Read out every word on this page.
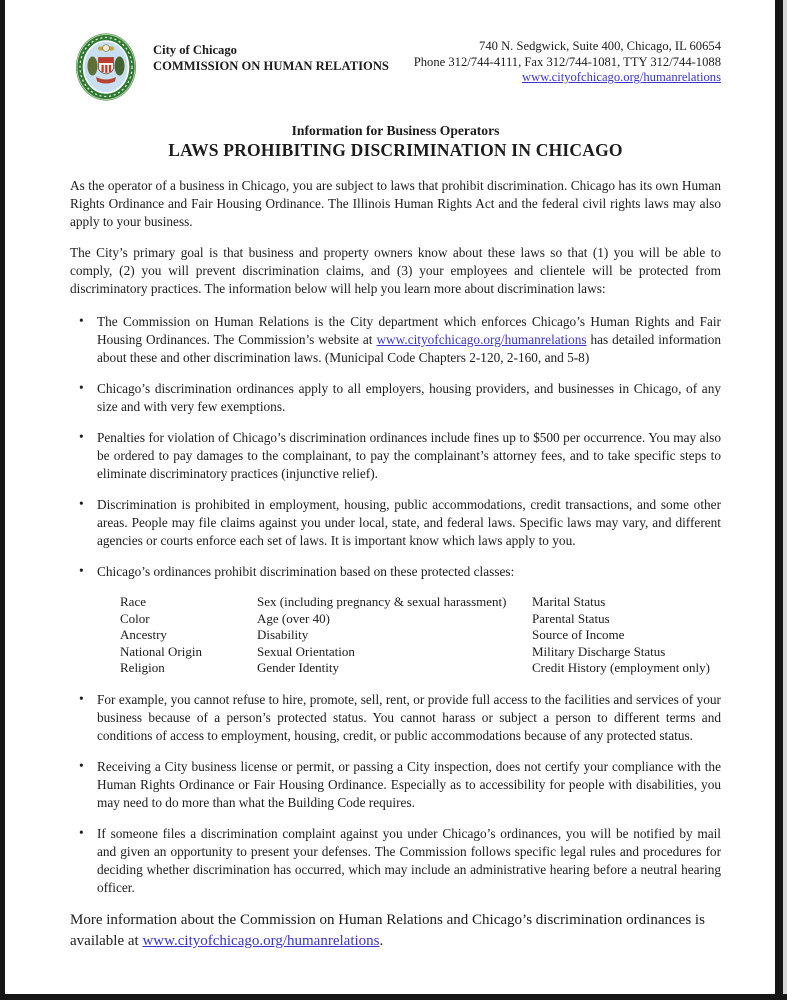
City of Chicago
COMMISSION ON HUMAN RELATIONS
740 N. Sedgwick, Suite 400, Chicago, IL 60654
Phone 312/744-4111, Fax 312/744-1081, TTY 312/744-1088
www.cityofchicago.org/humanrelations
Information for Business Operators
LAWS PROHIBITING DISCRIMINATION IN CHICAGO

As the operator of a business in Chicago, you are subject to laws that prohibit discrimination. Chicago has its own Human Rights Ordinance and Fair Housing Ordinance. The Illinois Human Rights Act and the federal civil rights laws may also apply to your business.

The City’s primary goal is that business and property owners know about these laws so that (1) you will be able to comply, (2) you will prevent discrimination claims, and (3) your employees and clientele will be protected from discriminatory practices. The information below will help you learn more about discrimination laws:

• The Commission on Human Relations is the City department which enforces Chicago’s Human Rights and Fair Housing Ordinances. The Commission’s website at www.cityofchicago.org/humanrelations has detailed information about these and other discrimination laws. (Municipal Code Chapters 2-120, 2-160, and 5-8)
• Chicago’s discrimination ordinances apply to all employers, housing providers, and businesses in Chicago, of any size and with very few exemptions.
• Penalties for violation of Chicago’s discrimination ordinances include fines up to $500 per occurrence. You may also be ordered to pay damages to the complainant, to pay the complainant’s attorney fees, and to take specific steps to eliminate discriminatory practices (injunctive relief).
• Discrimination is prohibited in employment, housing, public accommodations, credit transactions, and some other areas. People may file claims against you under local, state, and federal laws. Specific laws may vary, and different agencies or courts enforce each set of laws. It is important know which laws apply to you.
• Chicago’s ordinances prohibit discrimination based on these protected classes:
Race
Color
Ancestry
National Origin
Religion
Sex (including pregnancy & sexual harassment)
Age (over 40)
Disability
Sexual Orientation
Gender Identity
Marital Status
Parental Status
Source of Income
Military Discharge Status
Credit History (employment only)
• For example, you cannot refuse to hire, promote, sell, rent, or provide full access to the facilities and services of your business because of a person’s protected status. You cannot harass or subject a person to different terms and conditions of access to employment, housing, credit, or public accommodations because of any protected status.
• Receiving a City business license or permit, or passing a City inspection, does not certify your compliance with the Human Rights Ordinance or Fair Housing Ordinance. Especially as to accessibility for people with disabilities, you may need to do more than what the Building Code requires.
• If someone files a discrimination complaint against you under Chicago’s ordinances, you will be notified by mail and given an opportunity to present your defenses. The Commission follows specific legal rules and procedures for deciding whether discrimination has occurred, which may include an administrative hearing before a neutral hearing officer.

More information about the Commission on Human Relations and Chicago’s discrimination ordinances is available at www.cityofchicago.org/humanrelations.
